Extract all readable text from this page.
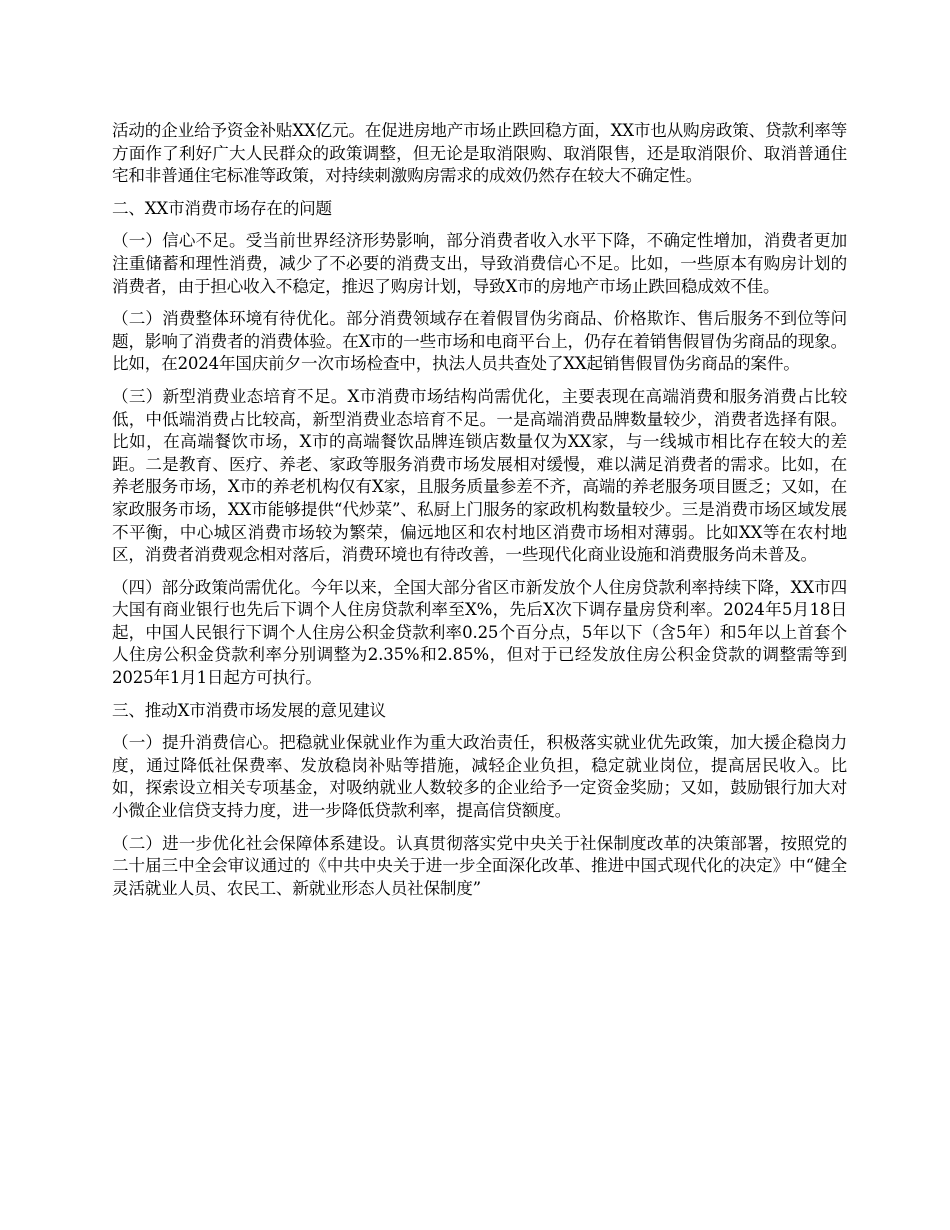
活动的企业给予资金补贴XX亿元。在促进房地产市场止跌回稳方面，XX市也从购房政策、贷款利率等方面作了利好广大人民群众的政策调整，但无论是取消限购、取消限售，还是取消限价、取消普通住宅和非普通住宅标准等政策，对持续刺激购房需求的成效仍然存在较大不确定性。

二、XX市消费市场存在的问题

（一）信心不足。受当前世界经济形势影响，部分消费者收入水平下降，不确定性增加，消费者更加注重储蓄和理性消费，减少了不必要的消费支出，导致消费信心不足。比如，一些原本有购房计划的消费者，由于担心收入不稳定，推迟了购房计划，导致X市的房地产市场止跌回稳成效不佳。

（二）消费整体环境有待优化。部分消费领域存在着假冒伪劣商品、价格欺诈、售后服务不到位等问题，影响了消费者的消费体验。在X市的一些市场和电商平台上，仍存在着销售假冒伪劣商品的现象。比如，在2024年国庆前夕一次市场检查中，执法人员共查处了XX起销售假冒伪劣商品的案件。

（三）新型消费业态培育不足。X市消费市场结构尚需优化，主要表现在高端消费和服务消费占比较低，中低端消费占比较高，新型消费业态培育不足。一是高端消费品牌数量较少，消费者选择有限。比如，在高端餐饮市场，X市的高端餐饮品牌连锁店数量仅为XX家，与一线城市相比存在较大的差距。二是教育、医疗、养老、家政等服务消费市场发展相对缓慢，难以满足消费者的需求。比如，在养老服务市场，X市的养老机构仅有X家，且服务质量参差不齐，高端的养老服务项目匮乏；又如，在家政服务市场，XX市能够提供“代炒菜”、私厨上门服务的家政机构数量较少。三是消费市场区域发展不平衡，中心城区消费市场较为繁荣，偏远地区和农村地区消费市场相对薄弱。比如XX等在农村地区，消费者消费观念相对落后，消费环境也有待改善，一些现代化商业设施和消费服务尚未普及。

（四）部分政策尚需优化。今年以来，全国大部分省区市新发放个人住房贷款利率持续下降，XX市四大国有商业银行也先后下调个人住房贷款利率至X%，先后X次下调存量房贷利率。2024年5月18日起，中国人民银行下调个人住房公积金贷款利率0.25个百分点，5年以下（含5年）和5年以上首套个人住房公积金贷款利率分别调整为2.35%和2.85%，但对于已经发放住房公积金贷款的调整需等到2025年1月1日起方可执行。

三、推动X市消费市场发展的意见建议

（一）提升消费信心。把稳就业保就业作为重大政治责任，积极落实就业优先政策，加大援企稳岗力度，通过降低社保费率、发放稳岗补贴等措施，减轻企业负担，稳定就业岗位，提高居民收入。比如，探索设立相关专项基金，对吸纳就业人数较多的企业给予一定资金奖励；又如，鼓励银行加大对小微企业信贷支持力度，进一步降低贷款利率，提高信贷额度。

（二）进一步优化社会保障体系建设。认真贯彻落实党中央关于社保制度改革的决策部署，按照党的二十届三中全会审议通过的《中共中央关于进一步全面深化改革、推进中国式现代化的决定》中“健全灵活就业人员、农民工、新就业形态人员社保制度”
